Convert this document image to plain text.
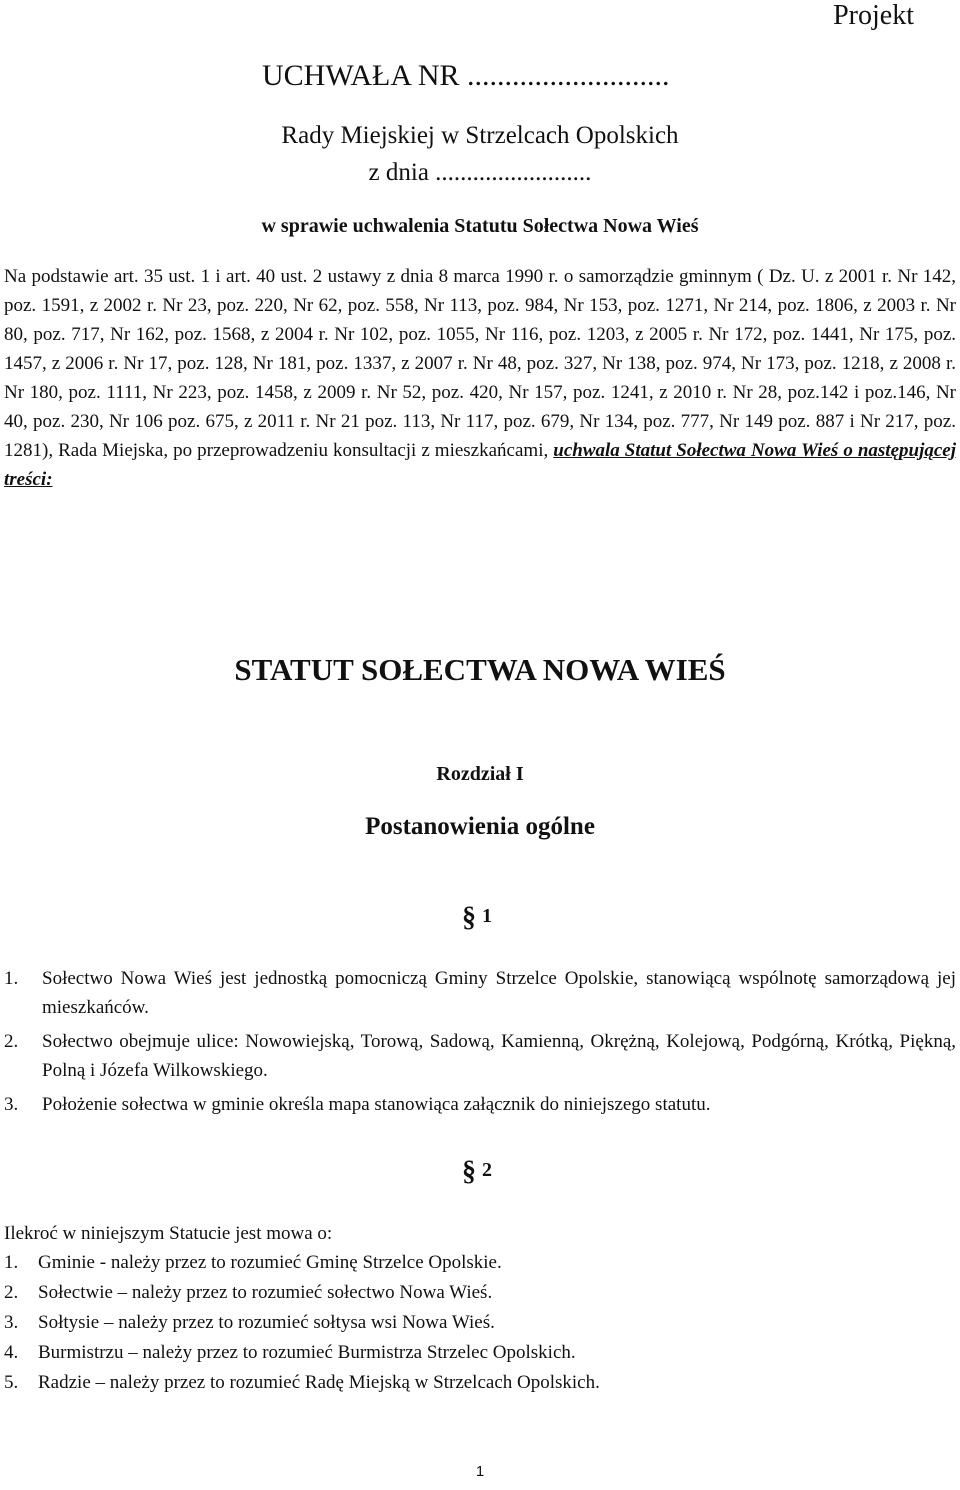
Projekt
UCHWAŁA NR ...........................
Rady Miejskiej w Strzelcach Opolskich
z dnia .........................
w sprawie uchwalenia Statutu Sołectwa Nowa Wieś

Na podstawie art. 35 ust. 1 i art. 40 ust. 2 ustawy z dnia 8 marca 1990 r. o samorządzie gminnym ( Dz. U. z 2001 r. Nr 142, poz. 1591, z 2002 r. Nr 23, poz. 220, Nr 62, poz. 558, Nr 113, poz. 984, Nr 153, poz. 1271, Nr 214, poz. 1806, z 2003 r. Nr 80, poz. 717, Nr 162, poz. 1568, z 2004 r. Nr 102, poz. 1055, Nr 116, poz. 1203, z 2005 r. Nr 172, poz. 1441, Nr 175, poz. 1457, z 2006 r. Nr 17, poz. 128, Nr 181, poz. 1337, z 2007 r. Nr 48, poz. 327, Nr 138, poz. 974, Nr 173, poz. 1218, z 2008 r. Nr 180, poz. 1111, Nr 223, poz. 1458, z 2009 r. Nr 52, poz. 420, Nr 157, poz. 1241, z 2010 r. Nr 28, poz.142 i poz.146, Nr 40, poz. 230, Nr 106 poz. 675, z 2011 r. Nr 21 poz. 113, Nr 117, poz. 679, Nr 134, poz. 777, Nr 149 poz. 887 i Nr 217, poz. 1281), Rada Miejska, po przeprowadzeniu konsultacji z mieszkańcami, uchwala Statut Sołectwa Nowa Wieś o następującej treści:

STATUT SOŁECTWA NOWA WIEŚ
Rozdział I
Postanowienia ogólne
§ 1
1. Sołectwo Nowa Wieś jest jednostką pomocniczą Gminy Strzelce Opolskie, stanowiącą wspólnotę samorządową jej mieszkańców.
2. Sołectwo obejmuje ulice: Nowowiejską, Torową, Sadową, Kamienną, Okrężną, Kolejową, Podgórną, Krótką, Piękną, Polną i Józefa Wilkowskiego.
3. Położenie sołectwa w gminie określa mapa stanowiąca załącznik do niniejszego statutu.
§ 2
Ilekroć w niniejszym Statucie jest mowa o:
1. Gminie - należy przez to rozumieć Gminę Strzelce Opolskie.
2. Sołectwie – należy przez to rozumieć sołectwo Nowa Wieś.
3. Sołtysie – należy przez to rozumieć sołtysa wsi Nowa Wieś.
4. Burmistrzu – należy przez to rozumieć Burmistrza Strzelec Opolskich.
5. Radzie – należy przez to rozumieć Radę Miejską w Strzelcach Opolskich.
1
